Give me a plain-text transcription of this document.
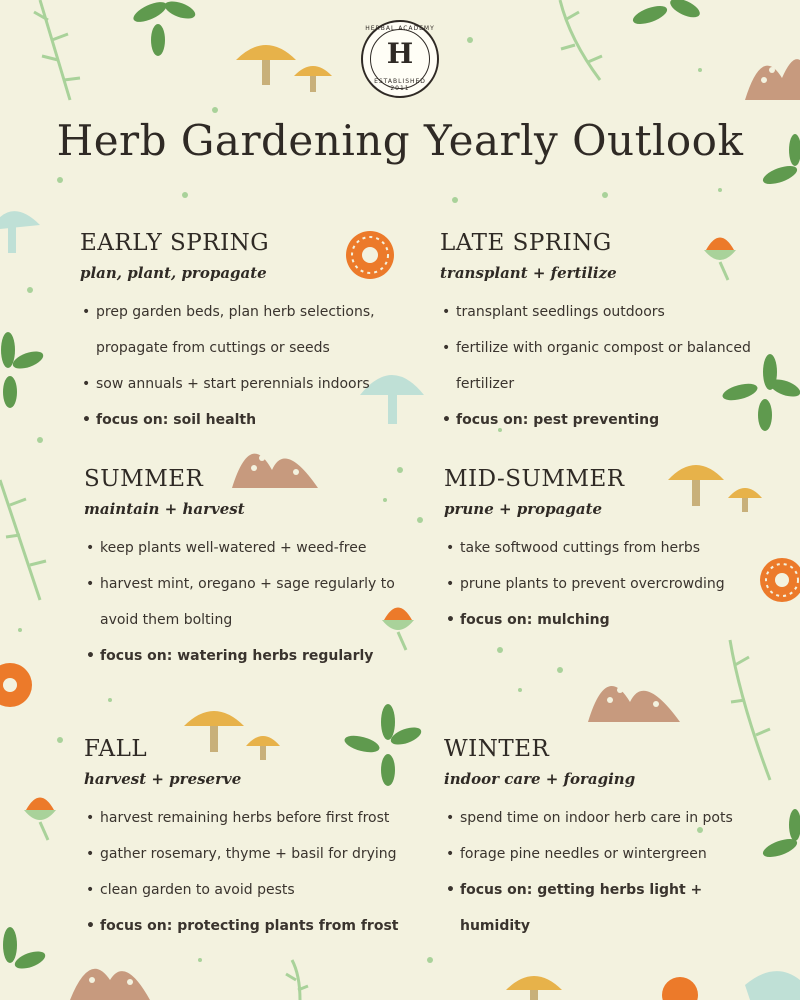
HERBAL ACADEMY
H
ESTABLISHED 2011
Herb Gardening Yearly Outlook
EARLY SPRING
plan, plant, propagate
• prep garden beds, plan herb selections, propagate from cuttings or seeds
• sow annuals + start perennials indoors
• focus on: soil health
LATE SPRING
transplant + fertilize
• transplant seedlings outdoors
• fertilize with organic compost or balanced fertilizer
• focus on: pest preventing
SUMMER
maintain + harvest
• keep plants well-watered + weed-free
• harvest mint, oregano + sage regularly to avoid them bolting
• focus on: watering herbs regularly
MID-SUMMER
prune + propagate
• take softwood cuttings from herbs
• prune plants to prevent overcrowding
• focus on: mulching
FALL
harvest + preserve
• harvest remaining herbs before first frost
• gather rosemary, thyme + basil for drying
• clean garden to avoid pests
• focus on: protecting plants from frost
WINTER
indoor care + foraging
• spend time on indoor herb care in pots
• forage pine needles or wintergreen
• focus on: getting herbs light + humidity
